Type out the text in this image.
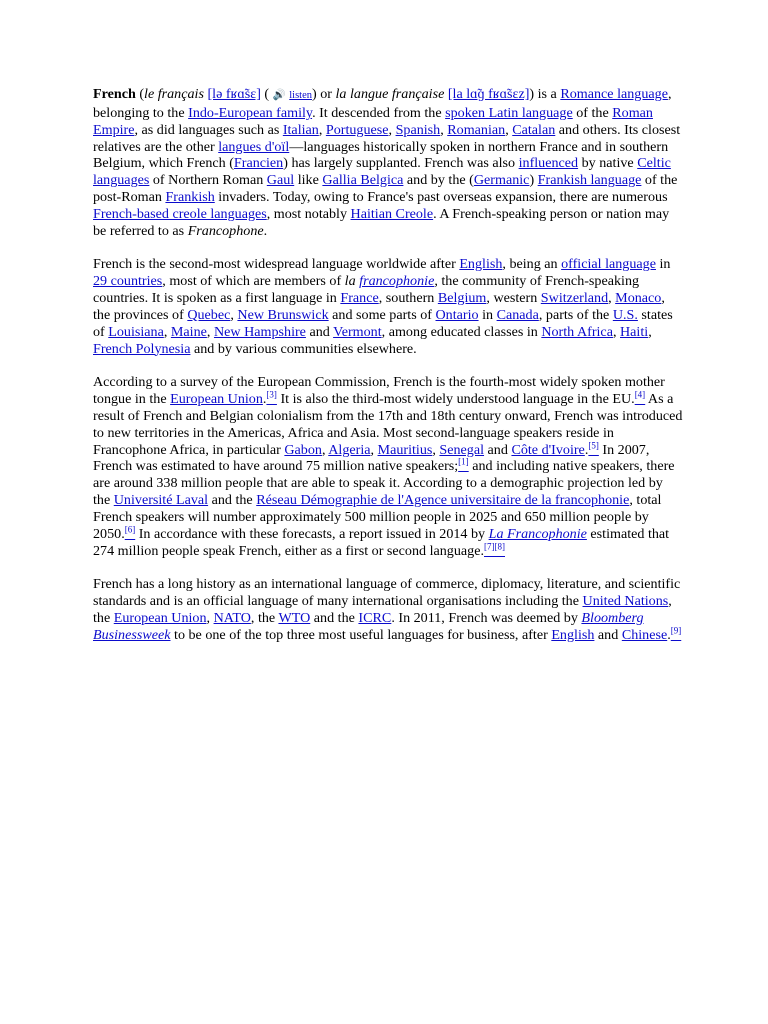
French (le français [lə fʁɑ̃sɛ] ( 🔊 listen) or la langue française [la lɑ̃ɡ fʁɑ̃sɛz]) is a Romance language, belonging to the Indo-European family. It descended from the spoken Latin language of the Roman Empire, as did languages such as Italian, Portuguese, Spanish, Romanian, Catalan and others. Its closest relatives are the other langues d'oïl—languages historically spoken in northern France and in southern Belgium, which French (Francien) has largely supplanted. French was also influenced by native Celtic languages of Northern Roman Gaul like Gallia Belgica and by the (Germanic) Frankish language of the post-Roman Frankish invaders. Today, owing to France's past overseas expansion, there are numerous French-based creole languages, most notably Haitian Creole. A French-speaking person or nation may be referred to as Francophone.

French is the second-most widespread language worldwide after English, being an official language in 29 countries, most of which are members of la francophonie, the community of French-speaking countries. It is spoken as a first language in France, southern Belgium, western Switzerland, Monaco, the provinces of Quebec, New Brunswick and some parts of Ontario in Canada, parts of the U.S. states of Louisiana, Maine, New Hampshire and Vermont, among educated classes in North Africa, Haiti, French Polynesia and by various communities elsewhere.

According to a survey of the European Commission, French is the fourth-most widely spoken mother tongue in the European Union.[3] It is also the third-most widely understood language in the EU.[4] As a result of French and Belgian colonialism from the 17th and 18th century onward, French was introduced to new territories in the Americas, Africa and Asia. Most second-language speakers reside in Francophone Africa, in particular Gabon, Algeria, Mauritius, Senegal and Côte d'Ivoire.[5] In 2007, French was estimated to have around 75 million native speakers;[1] and including native speakers, there are around 338 million people that are able to speak it. According to a demographic projection led by the Université Laval and the Réseau Démographie de l'Agence universitaire de la francophonie, total French speakers will number approximately 500 million people in 2025 and 650 million people by 2050.[6] In accordance with these forecasts, a report issued in 2014 by La Francophonie estimated that 274 million people speak French, either as a first or second language.[7][8]

French has a long history as an international language of commerce, diplomacy, literature, and scientific standards and is an official language of many international organisations including the United Nations, the European Union, NATO, the WTO and the ICRC. In 2011, French was deemed by Bloomberg Businessweek to be one of the top three most useful languages for business, after English and Chinese.[9]
